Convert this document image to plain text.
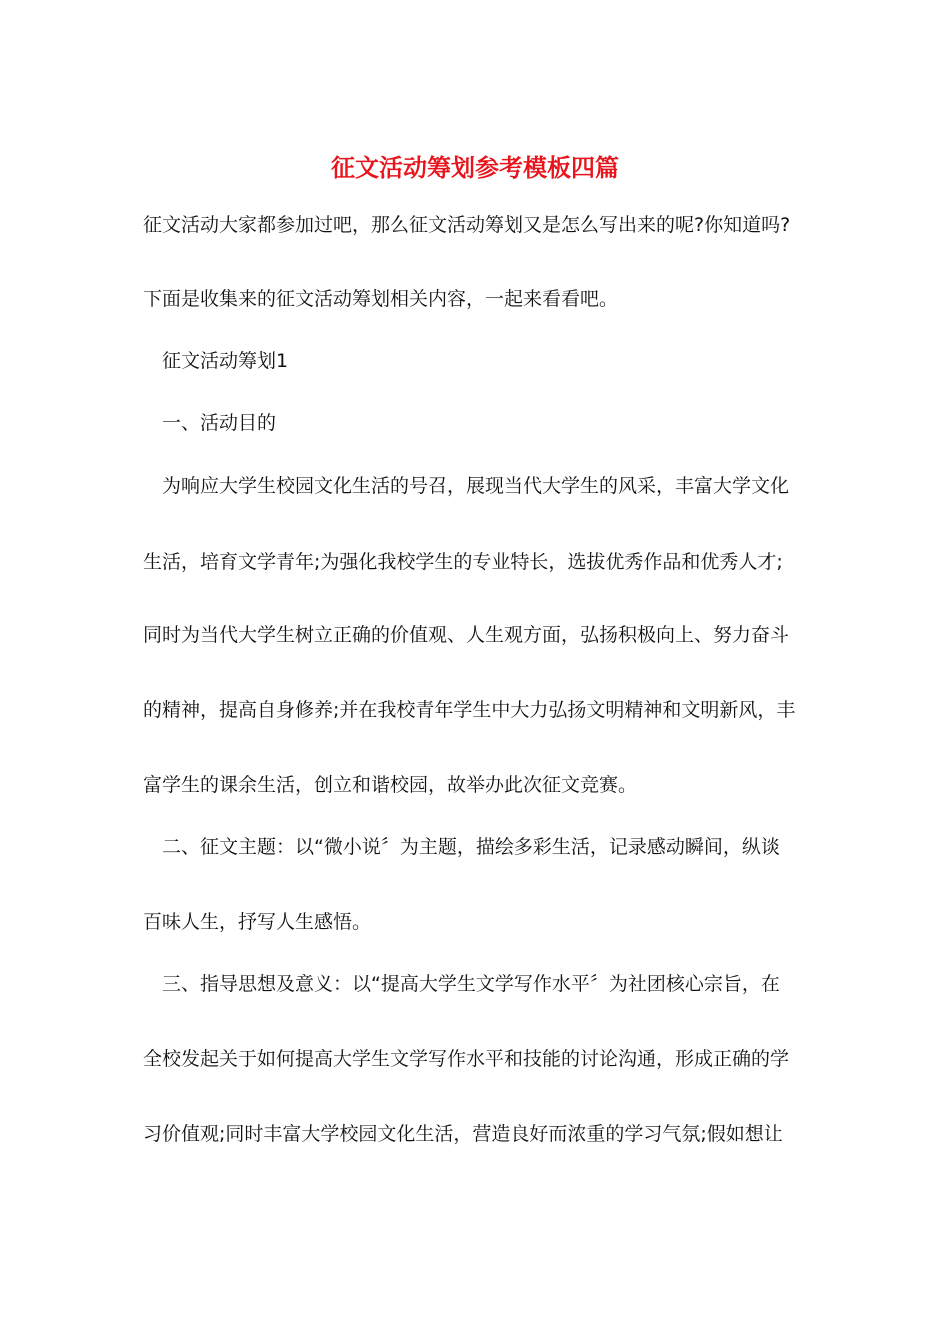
征文活动筹划参考模板四篇
征文活动大家都参加过吧，那么征文活动筹划又是怎么写出来的呢?你知道吗?
下面是收集来的征文活动筹划相关内容，一起来看看吧。
征文活动筹划1
一、活动目的
为响应大学生校园文化生活的号召，展现当代大学生的风采，丰富大学文化
生活，培育文学青年;为强化我校学生的专业特长，选拔优秀作品和优秀人才;
同时为当代大学生树立正确的价值观、人生观方面，弘扬积极向上、努力奋斗
的精神，提高自身修养;并在我校青年学生中大力弘扬文明精神和文明新风，丰
富学生的课余生活，创立和谐校园，故举办此次征文竞赛。
二、征文主题：以“微小说〞为主题，描绘多彩生活，记录感动瞬间，纵谈
百味人生，抒写人生感悟。
三、指导思想及意义：以“提高大学生文学写作水平〞为社团核心宗旨，在
全校发起关于如何提高大学生文学写作水平和技能的讨论沟通，形成正确的学
习价值观;同时丰富大学校园文化生活，营造良好而浓重的学习气氛;假如想让
